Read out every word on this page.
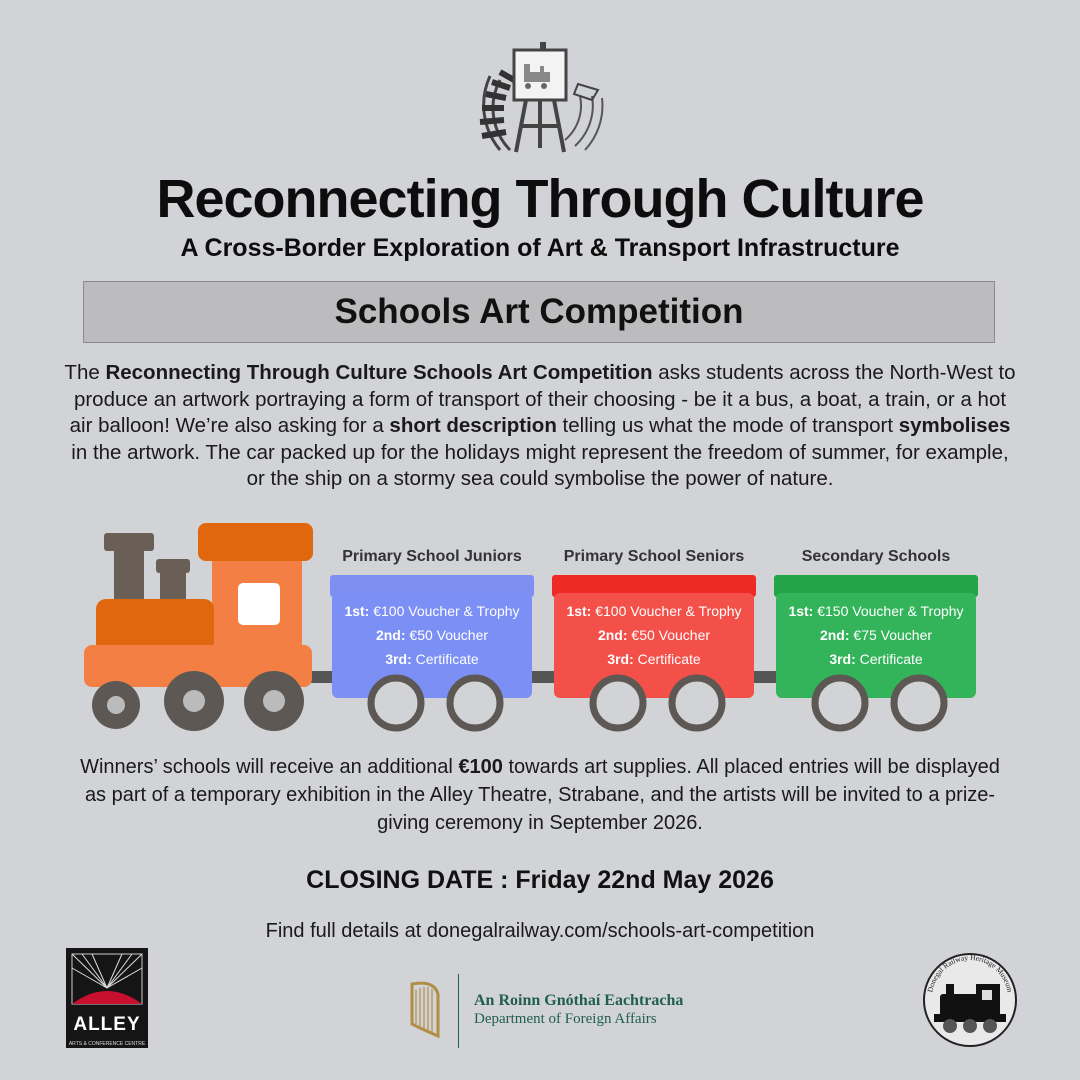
Reconnecting Through Culture
A Cross-Border Exploration of Art & Transport Infrastructure
Schools Art Competition
The Reconnecting Through Culture Schools Art Competition asks students across the North-West to produce an artwork portraying a form of transport of their choosing - be it a bus, a boat, a train, or a hot air balloon! We’re also asking for a short description telling us what the mode of transport symbolises in the artwork. The car packed up for the holidays might represent the freedom of summer, for example, or the ship on a stormy sea could symbolise the power of nature.
Primary School Juniors
1st: €100 Voucher & Trophy
2nd: €50 Voucher
3rd: Certificate
Primary School Seniors
1st: €100 Voucher & Trophy
2nd: €50 Voucher
3rd: Certificate
Secondary Schools
1st: €150 Voucher & Trophy
2nd: €75 Voucher
3rd: Certificate
Winners’ schools will receive an additional €100 towards art supplies. All placed entries will be displayed as part of a temporary exhibition in the Alley Theatre, Strabane, and the artists will be invited to a prize-giving ceremony in September 2026.
CLOSING DATE : Friday 22nd May 2026
Find full details at donegalrailway.com/schools-art-competition
ALLEY
ARTS & CONFERENCE CENTRE
An Roinn Gnóthaí Eachtracha
Department of Foreign Affairs
Donegal Railway Heritage Museum
